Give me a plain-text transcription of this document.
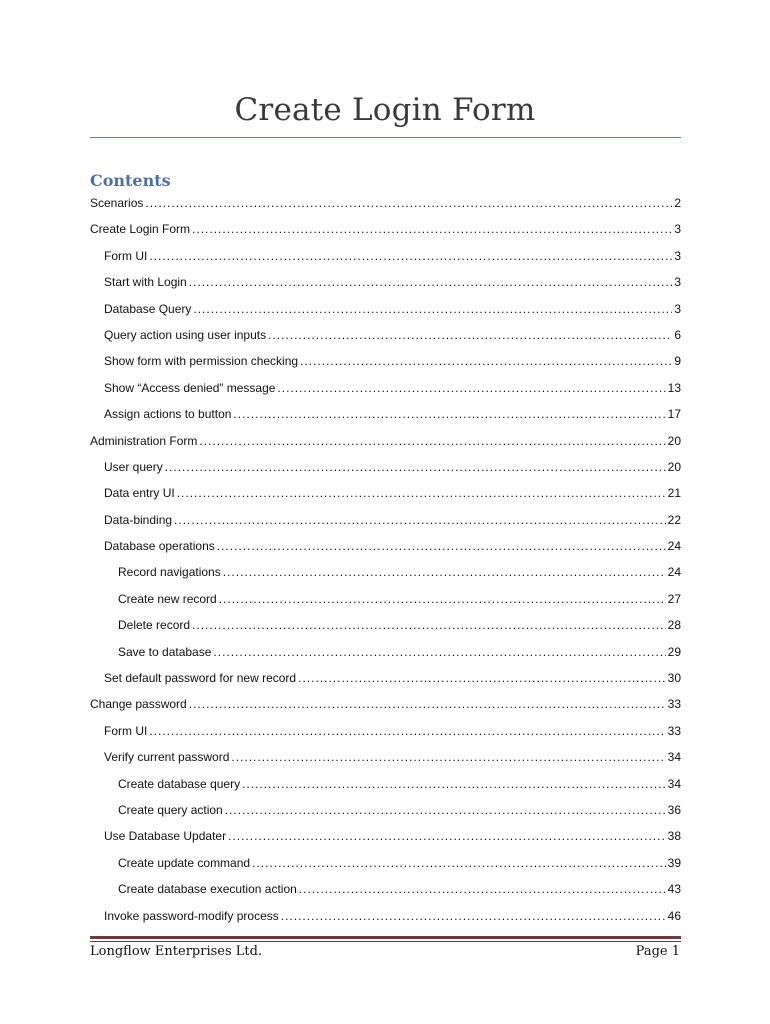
Create Login Form
Contents
Scenarios .....	2
Create Login Form .....	3
Form UI .....	3
Start with Login .....	3
Database Query .....	3
Query action using user inputs .....	6
Show form with permission checking .....	9
Show “Access denied” message .....	13
Assign actions to button .....	17
Administration Form .....	20
User query .....	20
Data entry UI .....	21
Data-binding .....	22
Database operations .....	24
Record navigations .....	24
Create new record .....	27
Delete record .....	28
Save to database .....	29
Set default password for new record .....	30
Change password .....	33
Form UI .....	33
Verify current password .....	34
Create database query .....	34
Create query action .....	36
Use Database Updater .....	38
Create update command .....	39
Create database execution action .....	43
Invoke password-modify process .....	46
Longflow Enterprises Ltd.	Page 1
